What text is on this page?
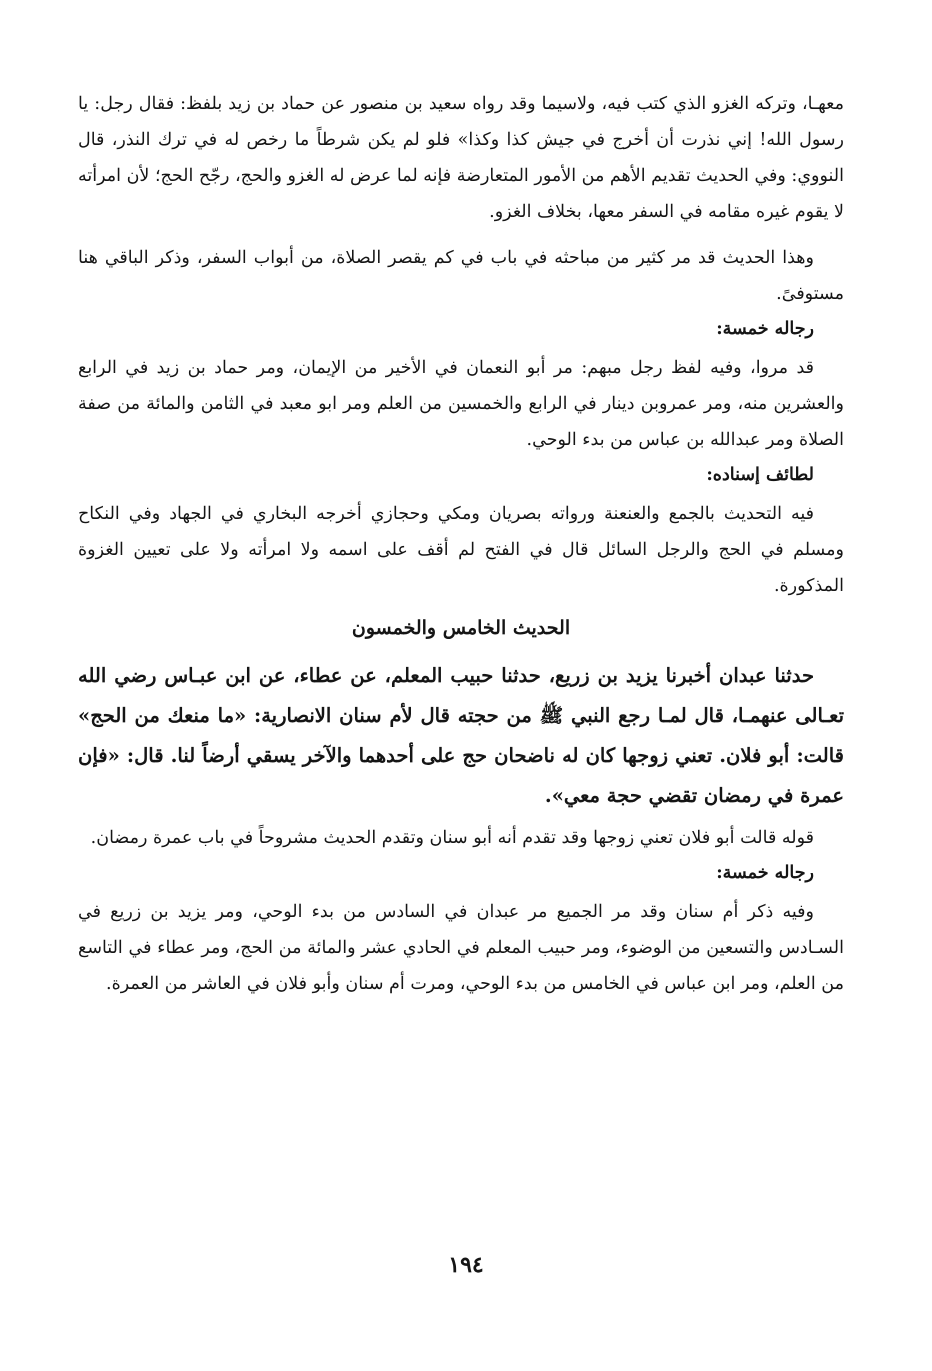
معهـا، وتركه الغزو الذي كتب فيه، ولاسيما وقد رواه سعيد بن منصور عن حماد بن زيد بلفظ: فقال رجل: يا رسول الله! إني نذرت أن أخرج في جيش كذا وكذا» فلو لم يكن شرطاً ما رخص له في ترك النذر، قال النووي: وفي الحديث تقديم الأهم من الأمور المتعارضة فإنه لما عرض له الغزو والحج، رجّح الحج؛ لأن امرأته لا يقوم غيره مقامه في السفر معها، بخلاف الغزو.

وهذا الحديث قد مر كثير من مباحثه في باب في كم يقصر الصلاة، من أبواب السفر، وذكر الباقي هنا مستوفىً.

رجاله خمسة:

قد مروا، وفيه لفظ رجل مبهم: مر أبو النعمان في الأخير من الإيمان، ومر حماد بن زيد في الرابع والعشرين منه، ومر عمروبن دينار في الرابع والخمسين من العلم ومر ابو معبد في الثامن والمائة من صفة الصلاة ومر عبدالله بن عباس من بدء الوحي.

لطائف إسناده:

فيه التحديث بالجمع والعنعنة ورواته بصريان ومكي وحجازي أخرجه البخاري في الجهاد وفي النكاح ومسلم في الحج والرجل السائل قال في الفتح لم أقف على اسمه ولا امرأته ولا على تعيين الغزوة المذكورة.

الحديث الخامس والخمسون

حدثنا عبدان أخبرنا يزيد بن زريع، حدثنا حبيب المعلم، عن عطاء، عن ابن عبـاس رضي الله تعـالى عنهمـا، قال لمـا رجع النبي ﷺ من حجته قال لأم سنان الانصارية: «ما منعك من الحج» قالت: أبو فلان. تعني زوجها كان له ناضحان حج على أحدهما والآخر يسقي أرضاً لنا. قال: «فإن عمرة في رمضان تقضي حجة معي».

قوله قالت أبو فلان تعني زوجها وقد تقدم أنه أبو سنان وتقدم الحديث مشروحاً في باب عمرة رمضان.

رجاله خمسة:

وفيه ذكر أم سنان وقد مر الجميع مر عبدان في السادس من بدء الوحي، ومر يزيد بن زريع في السـادس والتسعين من الوضوء، ومر حبيب المعلم في الحادي عشر والمائة من الحج، ومر عطاء في التاسع من العلم، ومر ابن عباس في الخامس من بدء الوحي، ومرت أم سنان وأبو فلان في العاشر من العمرة.

١٩٤
